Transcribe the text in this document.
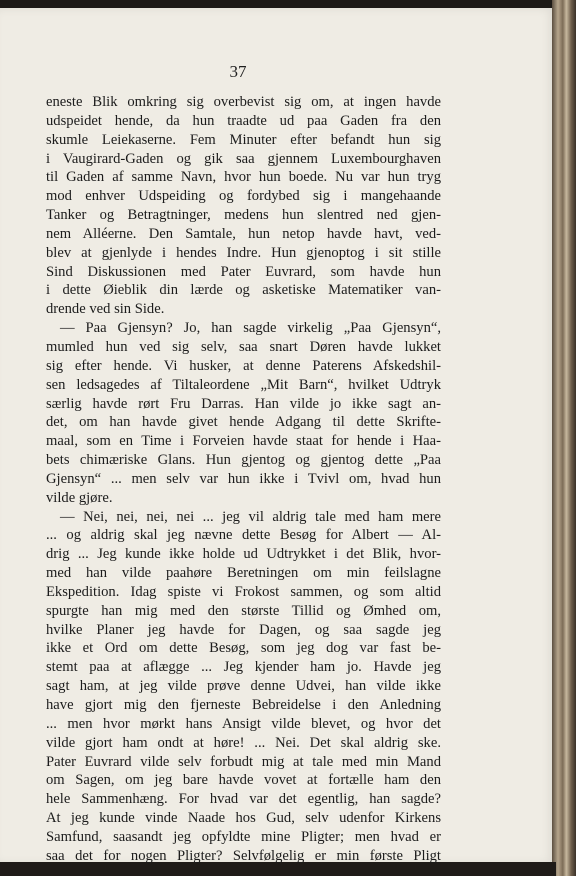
37
eneste Blik omkring sig overbevist sig om, at ingen havde
udspeidet hende, da hun traadte ud paa Gaden fra den
skumle Leiekaserne. Fem Minuter efter befandt hun sig
i Vaugirard-Gaden og gik saa gjennem Luxembourghaven
til Gaden af samme Navn, hvor hun boede. Nu var hun tryg
mod enhver Udspeiding og fordybed sig i mangehaande
Tanker og Betragtninger, medens hun slentred ned gjen-
nem Alléerne. Den Samtale, hun netop havde havt, ved-
blev at gjenlyde i hendes Indre. Hun gjenoptog i sit stille
Sind Diskussionen med Pater Euvrard, som havde hun
i dette Øieblik din lærde og asketiske Matematiker van-
drende ved sin Side.
— Paa Gjensyn? Jo, han sagde virkelig „Paa Gjensyn“,
mumled hun ved sig selv, saa snart Døren havde lukket
sig efter hende. Vi husker, at denne Paterens Afskedshil-
sen ledsagedes af Tiltaleordene „Mit Barn“, hvilket Udtryk
særlig havde rørt Fru Darras. Han vilde jo ikke sagt an-
det, om han havde givet hende Adgang til dette Skrifte-
maal, som en Time i Forveien havde staat for hende i Haa-
bets chimæriske Glans. Hun gjentog og gjentog dette „Paa
Gjensyn“ ... men selv var hun ikke i Tvivl om, hvad hun
vilde gjøre.
— Nei, nei, nei, nei ... jeg vil aldrig tale med ham mere
... og aldrig skal jeg nævne dette Besøg for Albert — Al-
drig ... Jeg kunde ikke holde ud Udtrykket i det Blik, hvor-
med han vilde paahøre Beretningen om min feilslagne
Ekspedition. Idag spiste vi Frokost sammen, og som altid
spurgte han mig med den største Tillid og Ømhed om,
hvilke Planer jeg havde for Dagen, og saa sagde jeg
ikke et Ord om dette Besøg, som jeg dog var fast be-
stemt paa at aflægge ... Jeg kjender ham jo. Havde jeg
sagt ham, at jeg vilde prøve denne Udvei, han vilde ikke
have gjort mig den fjerneste Bebreidelse i den Anledning
... men hvor mørkt hans Ansigt vilde blevet, og hvor det
vilde gjort ham ondt at høre! ... Nei. Det skal aldrig ske.
Pater Euvrard vilde selv forbudt mig at tale med min Mand
om Sagen, om jeg bare havde vovet at fortælle ham den
hele Sammenhæng. For hvad var det egentlig, han sagde?
At jeg kunde vinde Naade hos Gud, selv udenfor Kirkens
Samfund, saasandt jeg opfyldte mine Pligter; men hvad er
saa det for nogen Pligter? Selvfølgelig er min første Pligt
